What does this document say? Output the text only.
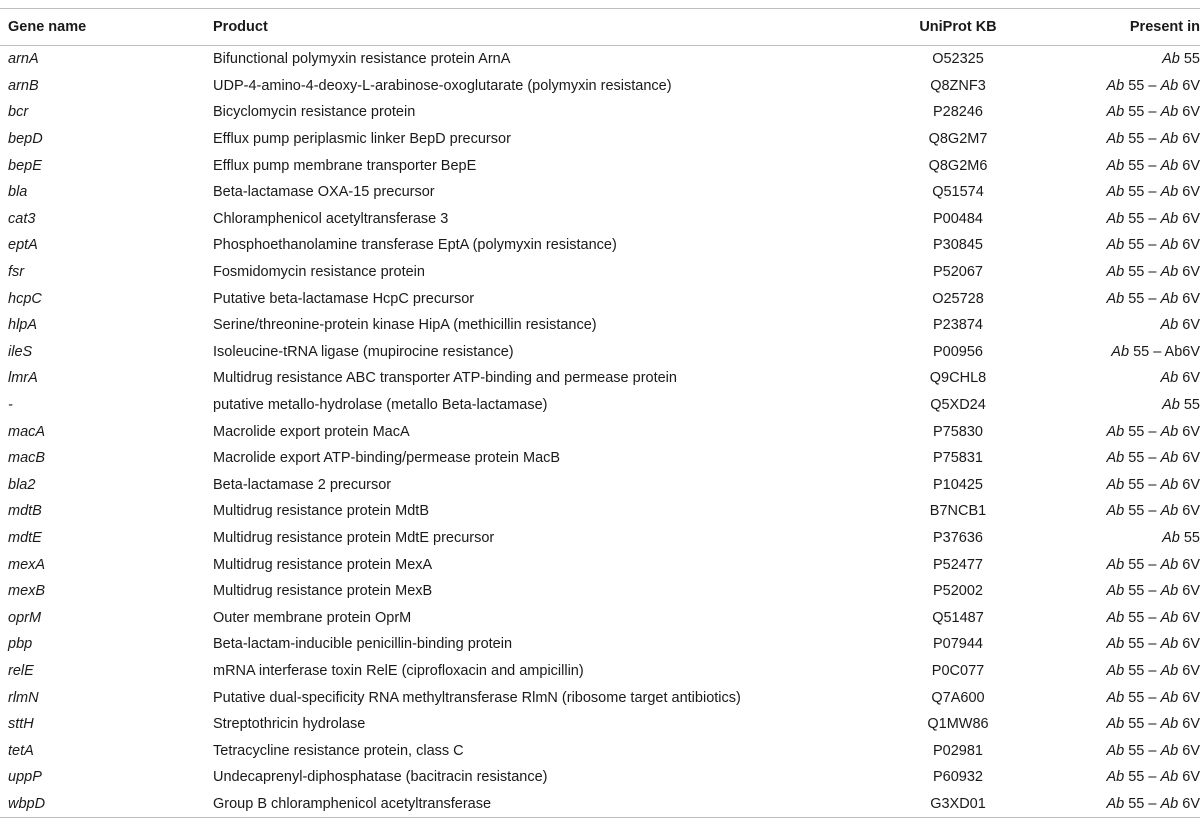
Gene name	Product	UniProt KB	Present in
arnA	Bifunctional polymyxin resistance protein ArnA	O52325	Ab 55
arnB	UDP-4-amino-4-deoxy-L-arabinose-oxoglutarate (polymyxin resistance)	Q8ZNF3	Ab 55 – Ab 6V
bcr	Bicyclomycin resistance protein	P28246	Ab 55 – Ab 6V
bepD	Efflux pump periplasmic linker BepD precursor	Q8G2M7	Ab 55 – Ab 6V
bepE	Efflux pump membrane transporter BepE	Q8G2M6	Ab 55 – Ab 6V
bla	Beta-lactamase OXA-15 precursor	Q51574	Ab 55 – Ab 6V
cat3	Chloramphenicol acetyltransferase 3	P00484	Ab 55 – Ab 6V
eptA	Phosphoethanolamine transferase EptA (polymyxin resistance)	P30845	Ab 55 – Ab 6V
fsr	Fosmidomycin resistance protein	P52067	Ab 55 – Ab 6V
hcpC	Putative beta-lactamase HcpC precursor	O25728	Ab 55 – Ab 6V
hlpA	Serine/threonine-protein kinase HipA (methicillin resistance)	P23874	Ab 6V
ileS	Isoleucine-tRNA ligase (mupirocine resistance)	P00956	Ab 55 – Ab6V
lmrA	Multidrug resistance ABC transporter ATP-binding and permease protein	Q9CHL8	Ab 6V
-	putative metallo-hydrolase (metallo Beta-lactamase)	Q5XD24	Ab 55
macA	Macrolide export protein MacA	P75830	Ab 55 – Ab 6V
macB	Macrolide export ATP-binding/permease protein MacB	P75831	Ab 55 – Ab 6V
bla2	Beta-lactamase 2 precursor	P10425	Ab 55 – Ab 6V
mdtB	Multidrug resistance protein MdtB	B7NCB1	Ab 55 – Ab 6V
mdtE	Multidrug resistance protein MdtE precursor	P37636	Ab 55
mexA	Multidrug resistance protein MexA	P52477	Ab 55 – Ab 6V
mexB	Multidrug resistance protein MexB	P52002	Ab 55 – Ab 6V
oprM	Outer membrane protein OprM	Q51487	Ab 55 – Ab 6V
pbp	Beta-lactam-inducible penicillin-binding protein	P07944	Ab 55 – Ab 6V
relE	mRNA interferase toxin RelE (ciprofloxacin and ampicillin)	P0C077	Ab 55 – Ab 6V
rlmN	Putative dual-specificity RNA methyltransferase RlmN (ribosome target antibiotics)	Q7A600	Ab 55 – Ab 6V
sttH	Streptothricin hydrolase	Q1MW86	Ab 55 – Ab 6V
tetA	Tetracycline resistance protein, class C	P02981	Ab 55 – Ab 6V
uppP	Undecaprenyl-diphosphatase (bacitracin resistance)	P60932	Ab 55 – Ab 6V
wbpD	Group B chloramphenicol acetyltransferase	G3XD01	Ab 55 – Ab 6V
